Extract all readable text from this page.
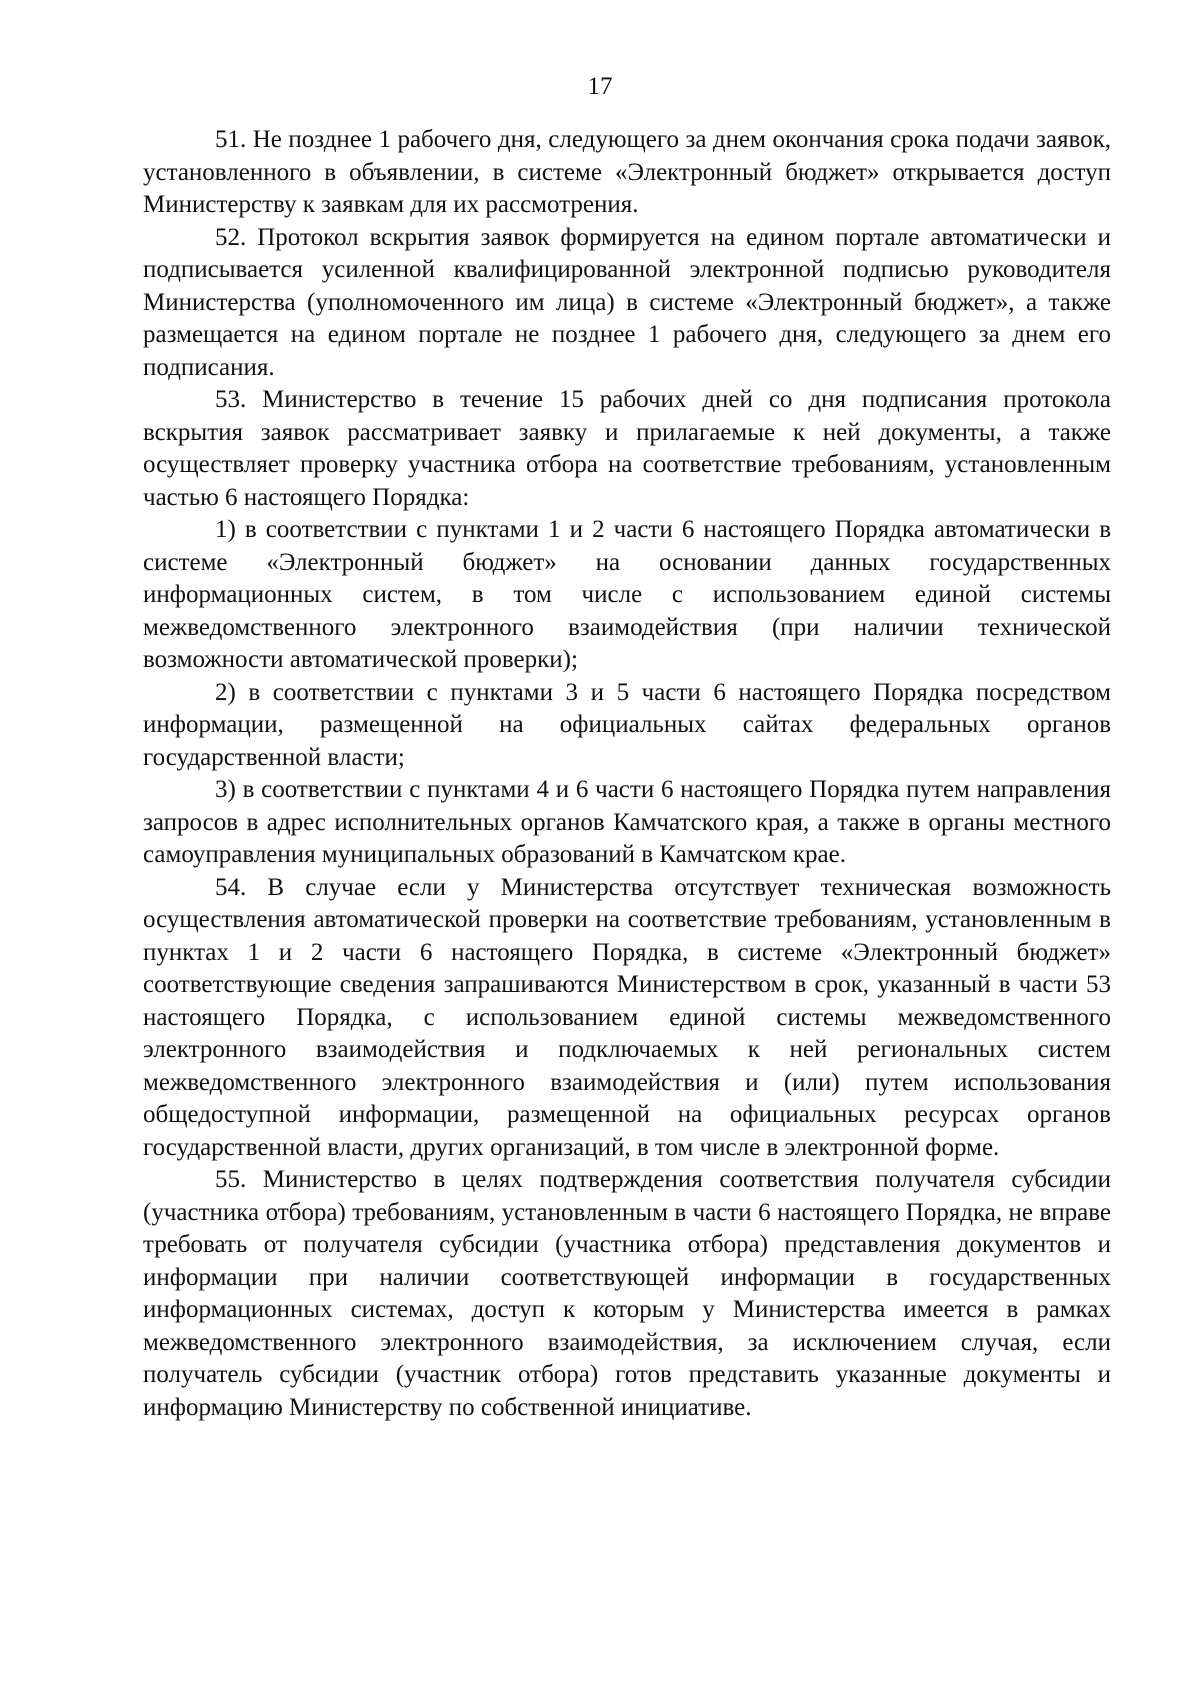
17

51. Не позднее 1 рабочего дня, следующего за днем окончания срока подачи заявок, установленного в объявлении, в системе «Электронный бюджет» открывается доступ Министерству к заявкам для их рассмотрения.

52. Протокол вскрытия заявок формируется на едином портале автоматически и подписывается усиленной квалифицированной электронной подписью руководителя Министерства (уполномоченного им лица) в системе «Электронный бюджет», а также размещается на едином портале не позднее 1 рабочего дня, следующего за днем его подписания.

53. Министерство в течение 15 рабочих дней со дня подписания протокола вскрытия заявок рассматривает заявку и прилагаемые к ней документы, а также осуществляет проверку участника отбора на соответствие требованиям, установленным частью 6 настоящего Порядка:

1) в соответствии с пунктами 1 и 2 части 6 настоящего Порядка автоматически в системе «Электронный бюджет» на основании данных государственных информационных систем, в том числе с использованием единой системы межведомственного электронного взаимодействия (при наличии технической возможности автоматической проверки);

2) в соответствии с пунктами 3 и 5 части 6 настоящего Порядка посредством информации, размещенной на официальных сайтах федеральных органов государственной власти;

3) в соответствии с пунктами 4 и 6 части 6 настоящего Порядка путем направления запросов в адрес исполнительных органов Камчатского края, а также в органы местного самоуправления муниципальных образований в Камчатском крае.

54. В случае если у Министерства отсутствует техническая возможность осуществления автоматической проверки на соответствие требованиям, установленным в пунктах 1 и 2 части 6 настоящего Порядка, в системе «Электронный бюджет» соответствующие сведения запрашиваются Министерством в срок, указанный в части 53 настоящего Порядка, с использованием единой системы межведомственного электронного взаимодействия и подключаемых к ней региональных систем межведомственного электронного взаимодействия и (или) путем использования общедоступной информации, размещенной на официальных ресурсах органов государственной власти, других организаций, в том числе в электронной форме.

55. Министерство в целях подтверждения соответствия получателя субсидии (участника отбора) требованиям, установленным в части 6 настоящего Порядка, не вправе требовать от получателя субсидии (участника отбора) представления документов и информации при наличии соответствующей информации в государственных информационных системах, доступ к которым у Министерства имеется в рамках межведомственного электронного взаимодействия, за исключением случая, если получатель субсидии (участник отбора) готов представить указанные документы и информацию Министерству по собственной инициативе.
